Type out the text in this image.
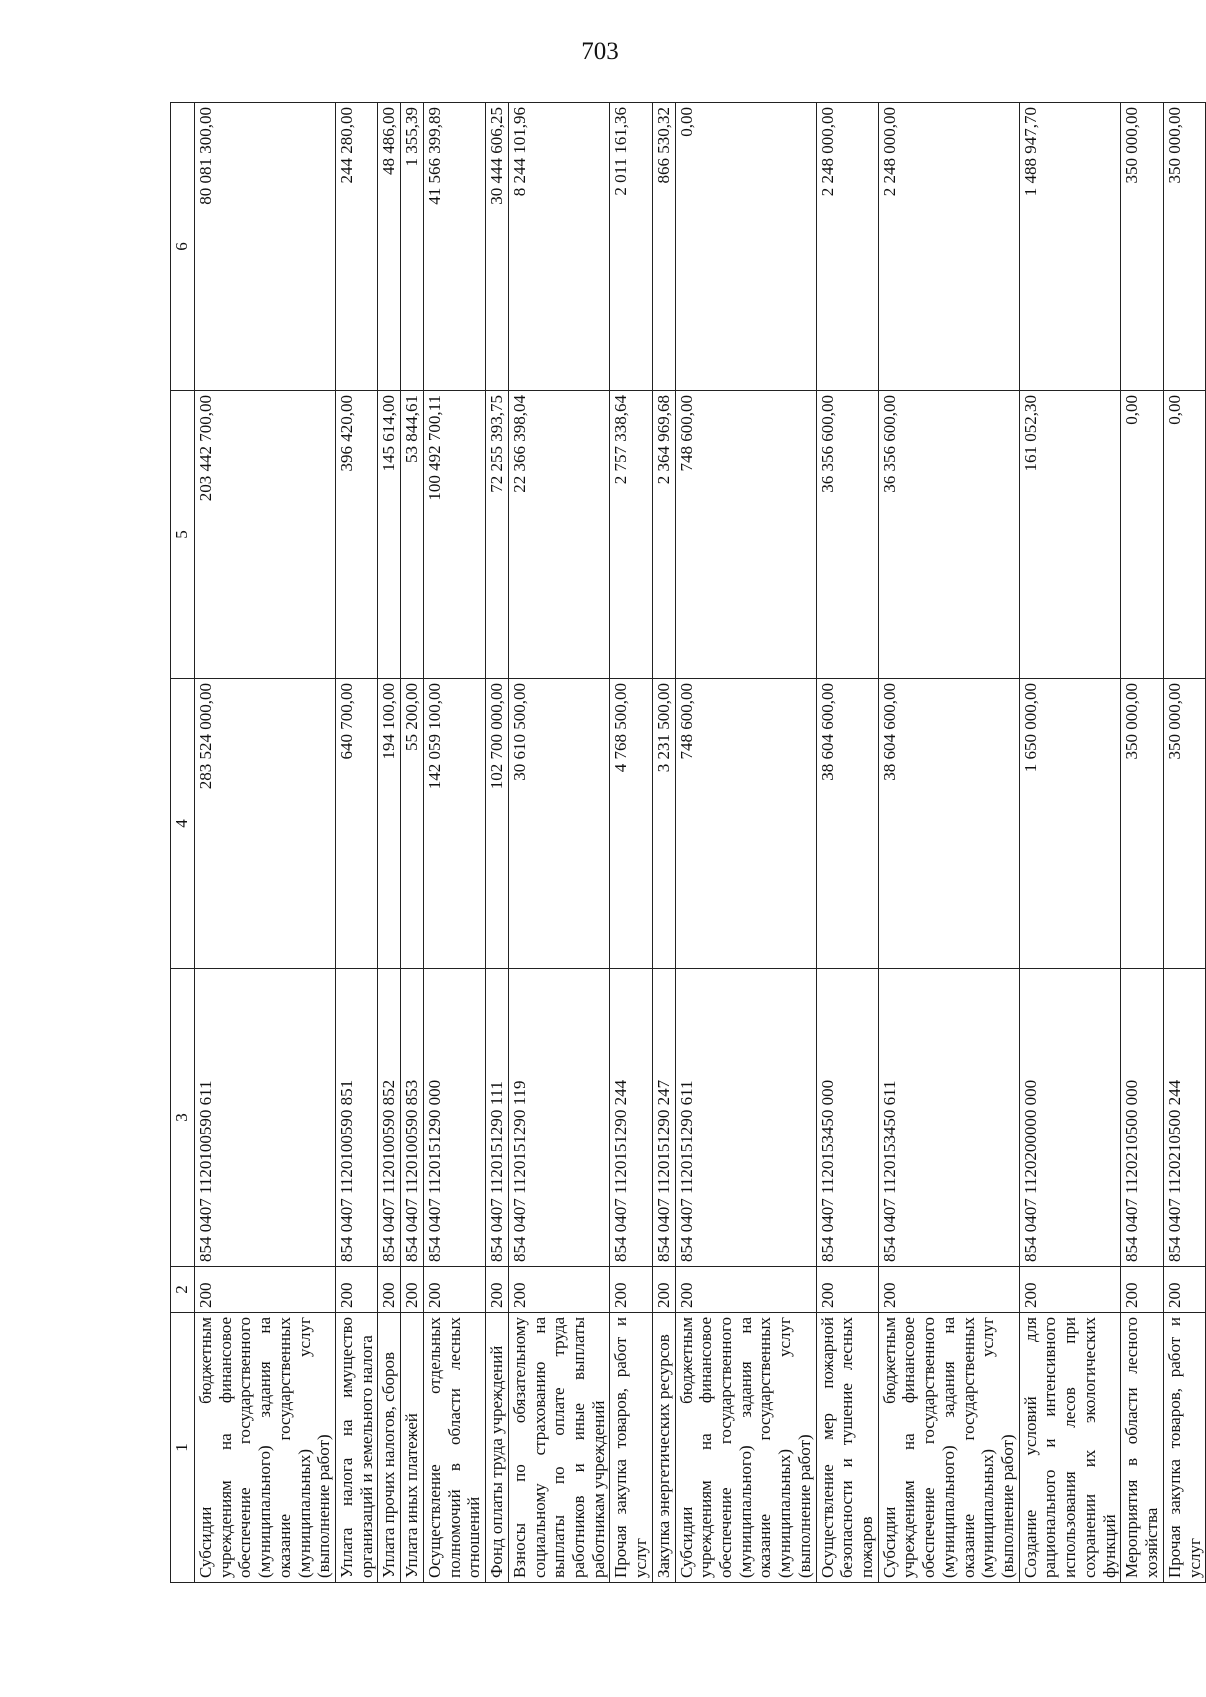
703
1	2	3	4	5	6
Субсидии бюджетным учреждениям на финансовое обеспечение государственного (муниципального) задания на оказание государственных (муниципальных) услуг (выполнение работ)	200	854 0407 1120100590 611	283 524 000,00	203 442 700,00	80 081 300,00
Уплата налога на имущество организаций и земельного налога	200	854 0407 1120100590 851	640 700,00	396 420,00	244 280,00
Уплата прочих налогов, сборов	200	854 0407 1120100590 852	194 100,00	145 614,00	48 486,00
Уплата иных платежей	200	854 0407 1120100590 853	55 200,00	53 844,61	1 355,39
Осуществление отдельных полномочий в области лесных отношений	200	854 0407 1120151290 000	142 059 100,00	100 492 700,11	41 566 399,89
Фонд оплаты труда учреждений	200	854 0407 1120151290 111	102 700 000,00	72 255 393,75	30 444 606,25
Взносы по обязательному социальному страхованию на выплаты по оплате труда работников и иные выплаты работникам учреждений	200	854 0407 1120151290 119	30 610 500,00	22 366 398,04	8 244 101,96
Прочая закупка товаров, работ и услуг	200	854 0407 1120151290 244	4 768 500,00	2 757 338,64	2 011 161,36
Закупка энергетических ресурсов	200	854 0407 1120151290 247	3 231 500,00	2 364 969,68	866 530,32
Субсидии бюджетным учреждениям на финансовое обеспечение государственного (муниципального) задания на оказание государственных (муниципальных) услуг (выполнение работ)	200	854 0407 1120151290 611	748 600,00	748 600,00	0,00
Осуществление мер пожарной безопасности и тушение лесных пожаров	200	854 0407 1120153450 000	38 604 600,00	36 356 600,00	2 248 000,00
Субсидии бюджетным учреждениям на финансовое обеспечение государственного (муниципального) задания на оказание государственных (муниципальных) услуг (выполнение работ)	200	854 0407 1120153450 611	38 604 600,00	36 356 600,00	2 248 000,00
Создание условий для рационального и интенсивного использования лесов при сохранении их экологических функций	200	854 0407 1120200000 000	1 650 000,00	161 052,30	1 488 947,70
Мероприятия в области лесного хозяйства	200	854 0407 1120210500 000	350 000,00	0,00	350 000,00
Прочая закупка товаров, работ и услуг	200	854 0407 1120210500 244	350 000,00	0,00	350 000,00
